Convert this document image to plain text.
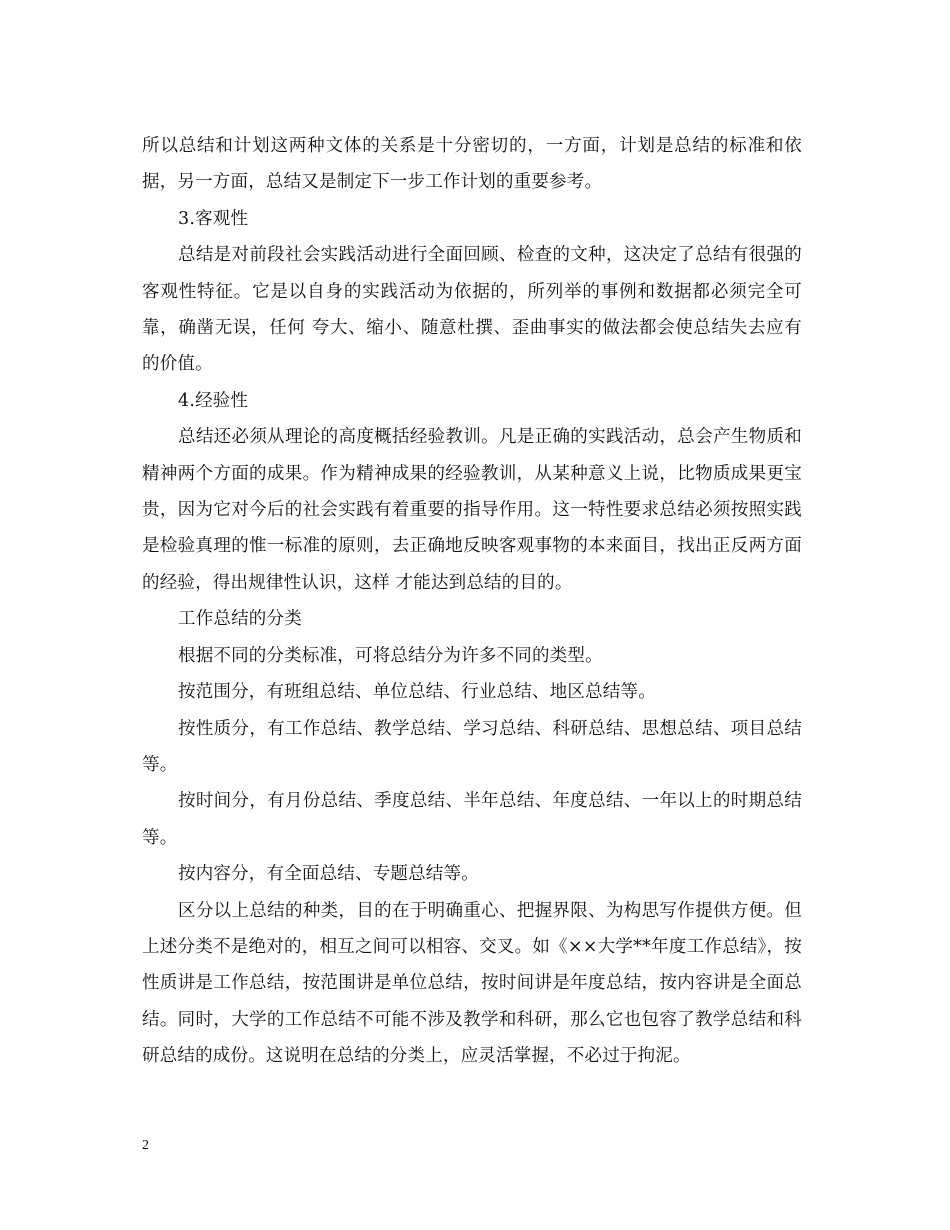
所以总结和计划这两种文体的关系是十分密切的，一方面，计划是总结的标准和依据，另一方面，总结又是制定下一步工作计划的重要参考。

3.客观性

总结是对前段社会实践活动进行全面回顾、检查的文种，这决定了总结有很强的客观性特征。它是以自身的实践活动为依据的，所列举的事例和数据都必须完全可靠，确凿无误，任何 夸大、缩小、随意杜撰、歪曲事实的做法都会使总结失去应有的价值。

4.经验性

总结还必须从理论的高度概括经验教训。凡是正确的实践活动，总会产生物质和精神两个方面的成果。作为精神成果的经验教训，从某种意义上说，比物质成果更宝贵，因为它对今后的社会实践有着重要的指导作用。这一特性要求总结必须按照实践是检验真理的惟一标准的原则，去正确地反映客观事物的本来面目，找出正反两方面的经验，得出规律性认识，这样 才能达到总结的目的。

工作总结的分类

根据不同的分类标准，可将总结分为许多不同的类型。

按范围分，有班组总结、单位总结、行业总结、地区总结等。

按性质分，有工作总结、教学总结、学习总结、科研总结、思想总结、项目总结等。

按时间分，有月份总结、季度总结、半年总结、年度总结、一年以上的时期总结等。

按内容分，有全面总结、专题总结等。

区分以上总结的种类，目的在于明确重心、把握界限、为构思写作提供方便。但上述分类不是绝对的，相互之间可以相容、交叉。如《××大学**年度工作总结》，按性质讲是工作总结，按范围讲是单位总结，按时间讲是年度总结，按内容讲是全面总结。同时，大学的工作总结不可能不涉及教学和科研，那么它也包容了教学总结和科研总结的成份。这说明在总结的分类上，应灵活掌握，不必过于拘泥。

2
